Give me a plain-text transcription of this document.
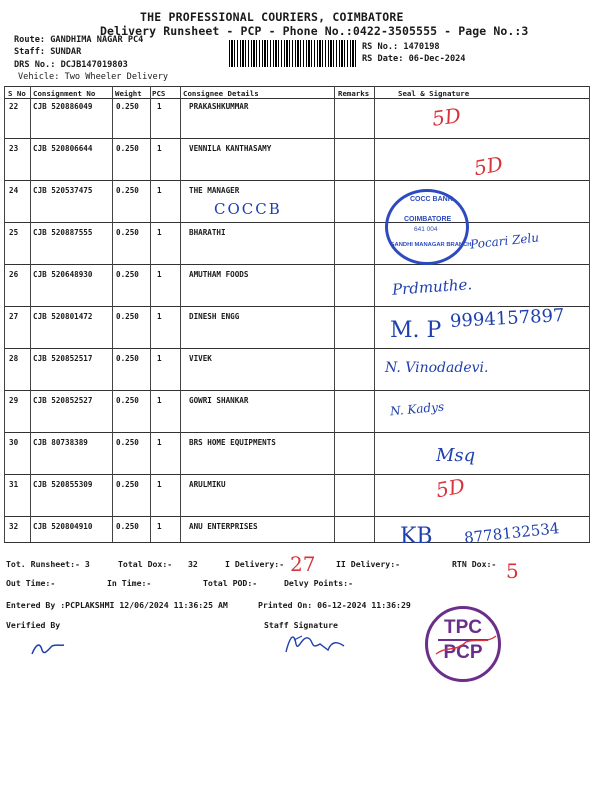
THE PROFESSIONAL COURIERS, COIMBATORE
Delivery Runsheet - PCP - Phone No.:0422-3505555 - Page No.:3
Route: GANDHIMA NAGAR PC4
Staff: SUNDAR
DRS No.: DCJB147019803
Vehicle: Two Wheeler Delivery
RS No.: 1470198
RS Date: 06-Dec-2024
S No Consignment No	Weight PCS Consignee Details	Remarks	Seal & Signature
22 CJB 520886049	0.250 1	PRAKASHKUMMAR
23 CJB 520806644	0.250 1	VENNILA KANTHASAMY
24 CJB 520537475	0.250 1	THE MANAGER
25 CJB 520887555	0.250 1	BHARATHI
26 CJB 520648930	0.250 1	AMUTHAM FOODS
27 CJB 520801472	0.250 1	DINESH ENGG
28 CJB 520852517	0.250 1	VIVEK
29 CJB 520852527	0.250 1	GOWRI SHANKAR
30 CJB 80738389	0.250 1	BRS HOME EQUIPMENTS
31 CJB 520855309	0.250 1	ARULMIKU
32 CJB 520804910	0.250 1	ANU ENTERPRISES
5D
5D
COCCB
COCC BANK
COIMBATORE
641 004
GANDHI MANAGAR BRANCH
Pocari Zelu
Prdmuthe.
9994157897
M. P
N. Vinodadevi.
N. Kadys
Msq
5D
KB 8778132534
Tot. Runsheet:- 3	Total Dox:- 32	I Delivery:- 27	II Delivery:-	RTN Dox:- 5
Out Time:-	In Time:-	Total POD:-	Delvy Points:-
Entered By :PCPLAKSHMI 12/06/2024 11:36:25 AM	Printed On: 06-12-2024 11:36:29
Verified By	Staff Signature	TPC
PCP
